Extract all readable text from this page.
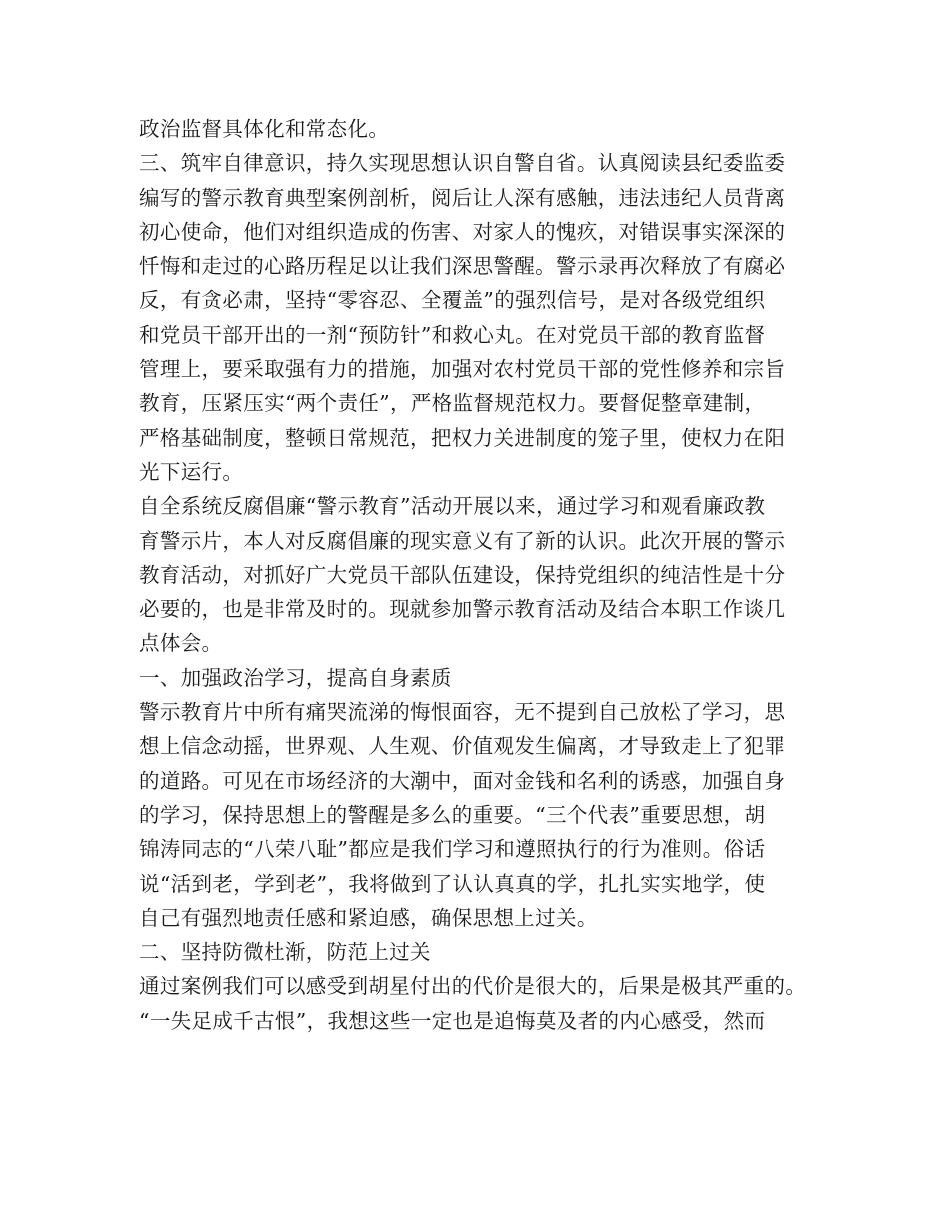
政治监督具体化和常态化。
三、筑牢自律意识，持久实现思想认识自警自省。认真阅读县纪委监委
编写的警示教育典型案例剖析，阅后让人深有感触，违法违纪人员背离
初心使命，他们对组织造成的伤害、对家人的愧疚，对错误事实深深的
忏悔和走过的心路历程足以让我们深思警醒。警示录再次释放了有腐必
反，有贪必肃，坚持“零容忍、全覆盖”的强烈信号，是对各级党组织
和党员干部开出的一剂“预防针”和救心丸。在对党员干部的教育监督
管理上，要采取强有力的措施，加强对农村党员干部的党性修养和宗旨
教育，压紧压实“两个责任”，严格监督规范权力。要督促整章建制，
严格基础制度，整顿日常规范，把权力关进制度的笼子里，使权力在阳
光下运行。
自全系统反腐倡廉“警示教育”活动开展以来，通过学习和观看廉政教
育警示片，本人对反腐倡廉的现实意义有了新的认识。此次开展的警示
教育活动，对抓好广大党员干部队伍建设，保持党组织的纯洁性是十分
必要的，也是非常及时的。现就参加警示教育活动及结合本职工作谈几
点体会。
一、加强政治学习，提高自身素质
警示教育片中所有痛哭流涕的悔恨面容，无不提到自己放松了学习，思
想上信念动摇，世界观、人生观、价值观发生偏离，才导致走上了犯罪
的道路。可见在市场经济的大潮中，面对金钱和名利的诱惑，加强自身
的学习，保持思想上的警醒是多么的重要。“三个代表”重要思想，胡
锦涛同志的“八荣八耻”都应是我们学习和遵照执行的行为准则。俗话
说“活到老，学到老”，我将做到了认认真真的学，扎扎实实地学，使
自己有强烈地责任感和紧迫感，确保思想上过关。
二、坚持防微杜渐，防范上过关
通过案例我们可以感受到胡星付出的代价是很大的，后果是极其严重的。
“一失足成千古恨”，我想这些一定也是追悔莫及者的内心感受，然而
